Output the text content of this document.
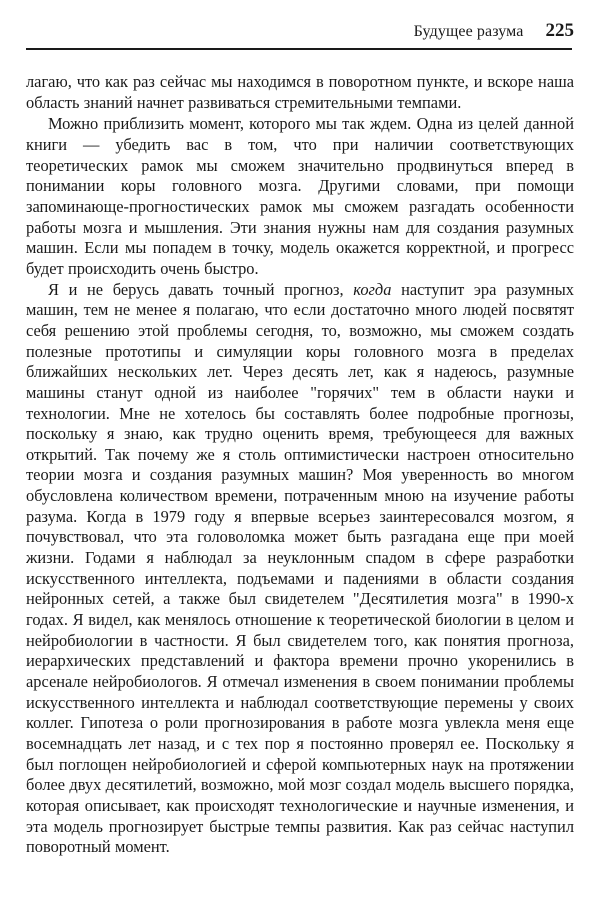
Будущее разума 225

лагаю, что как раз сейчас мы находимся в поворотном пункте, и вскоре наша область знаний начнет развиваться стремительными темпами.

Можно приблизить момент, которого мы так ждем. Одна из целей данной книги — убедить вас в том, что при наличии соответствующих теоретических рамок мы сможем значительно продвинуться вперед в понимании коры головного мозга. Другими словами, при помощи запоминающе-прогностических рамок мы сможем разгадать особенности работы мозга и мышления. Эти знания нужны нам для создания разумных машин. Если мы попадем в точку, модель окажется корректной, и прогресс будет происходить очень быстро.

Я и не берусь давать точный прогноз, когда наступит эра разумных машин, тем не менее я полагаю, что если достаточно много людей посвятят себя решению этой проблемы сегодня, то, возможно, мы сможем создать полезные прототипы и симуляции коры головного мозга в пределах ближайших нескольких лет. Через десять лет, как я надеюсь, разумные машины станут одной из наиболее "горячих" тем в области науки и технологии. Мне не хотелось бы составлять более подробные прогнозы, поскольку я знаю, как трудно оценить время, требующееся для важных открытий. Так почему же я столь оптимистически настроен относительно теории мозга и создания разумных машин? Моя уверенность во многом обусловлена количеством времени, потраченным мною на изучение работы разума. Когда в 1979 году я впервые всерьез заинтересовался мозгом, я почувствовал, что эта головоломка может быть разгадана еще при моей жизни. Годами я наблюдал за неуклонным спадом в сфере разработки искусственного интеллекта, подъемами и падениями в области создания нейронных сетей, а также был свидетелем "Десятилетия мозга" в 1990-х годах. Я видел, как менялось отношение к теоретической биологии в целом и нейробиологии в частности. Я был свидетелем того, как понятия прогноза, иерархических представлений и фактора времени прочно укоренились в арсенале нейробиологов. Я отмечал изменения в своем понимании проблемы искусственного интеллекта и наблюдал соответствующие перемены у своих коллег. Гипотеза о роли прогнозирования в работе мозга увлекла меня еще восемнадцать лет назад, и с тех пор я постоянно проверял ее. Поскольку я был поглощен нейробиологией и сферой компьютерных наук на протяжении более двух десятилетий, возможно, мой мозг создал модель высшего порядка, которая описывает, как происходят технологические и научные изменения, и эта модель прогнозирует быстрые темпы развития. Как раз сейчас наступил поворотный момент.
